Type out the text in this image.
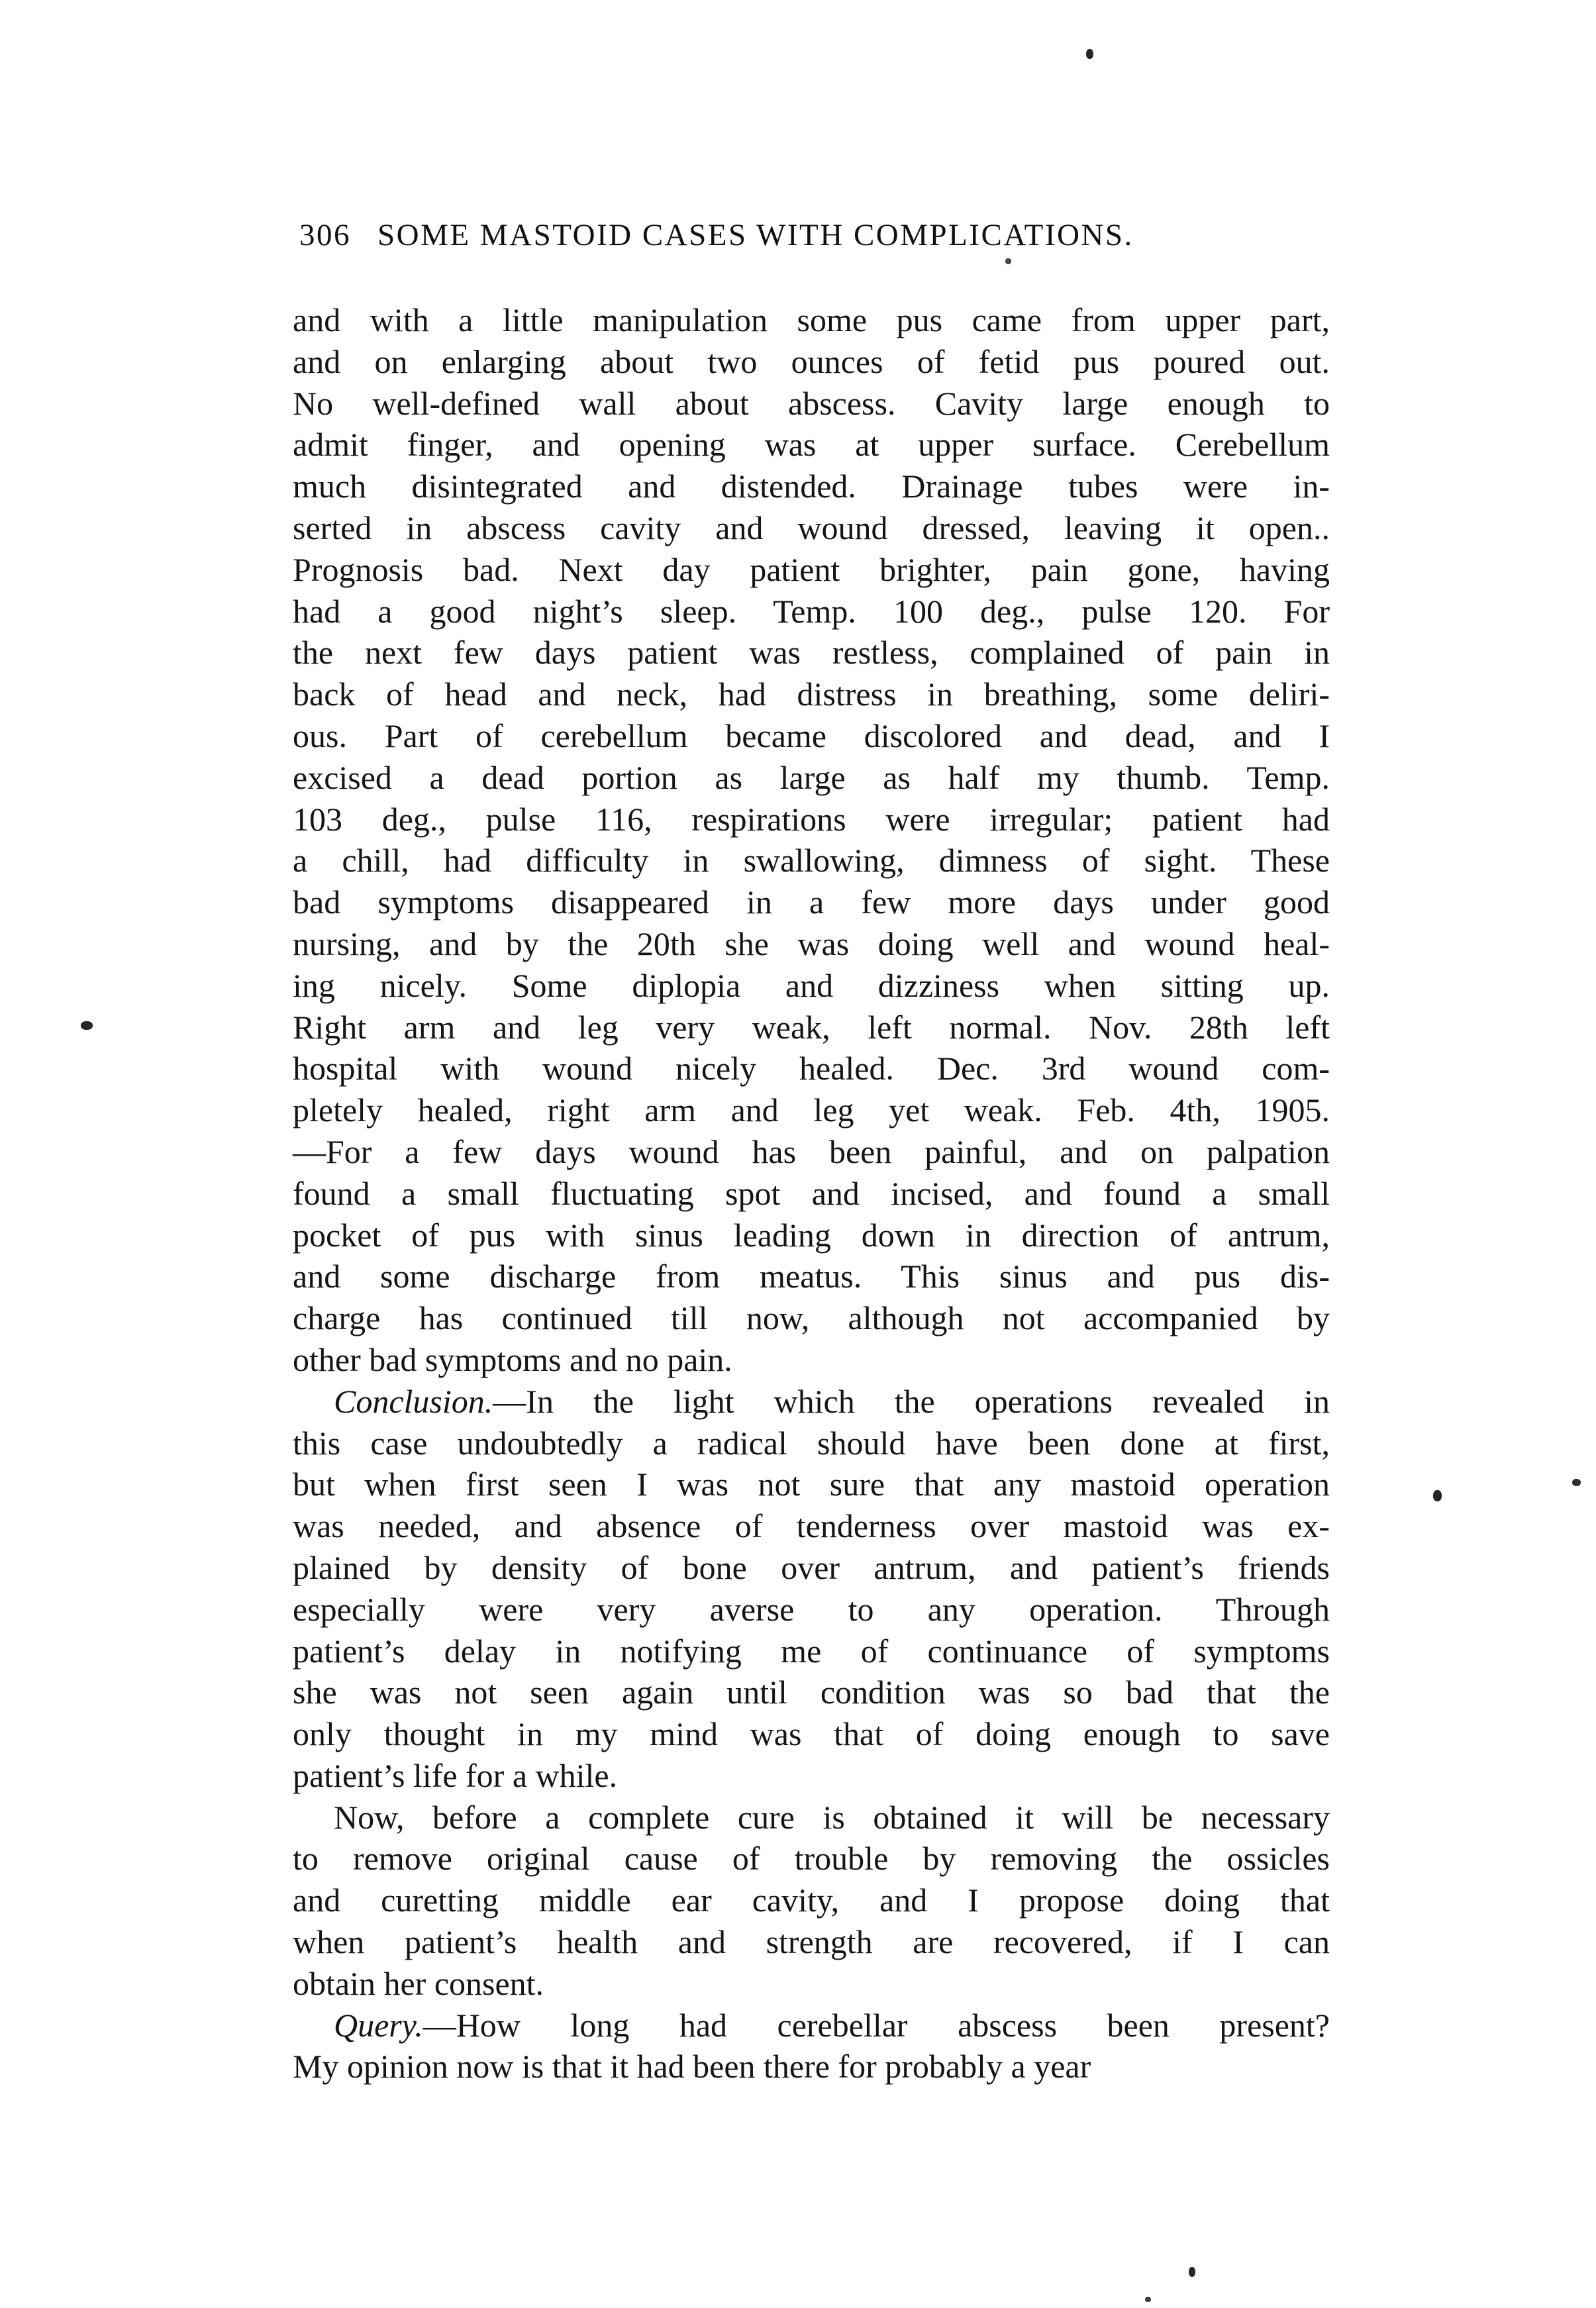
306 SOME MASTOID CASES WITH COMPLICATIONS.
and with a little manipulation some pus came from upper part,
and on enlarging about two ounces of fetid pus poured out.
No well-defined wall about abscess. Cavity large enough to
admit finger, and opening was at upper surface. Cerebellum
much disintegrated and distended. Drainage tubes were in-
serted in abscess cavity and wound dressed, leaving it open..
Prognosis bad. Next day patient brighter, pain gone, having
had a good night’s sleep. Temp. 100 deg., pulse 120. For
the next few days patient was restless, complained of pain in
back of head and neck, had distress in breathing, some deliri-
ous. Part of cerebellum became discolored and dead, and I
excised a dead portion as large as half my thumb. Temp.
103 deg., pulse 116, respirations were irregular; patient had
a chill, had difficulty in swallowing, dimness of sight. These
bad symptoms disappeared in a few more days under good
nursing, and by the 20th she was doing well and wound heal-
ing nicely. Some diplopia and dizziness when sitting up.
Right arm and leg very weak, left normal. Nov. 28th left
hospital with wound nicely healed. Dec. 3rd wound com-
pletely healed, right arm and leg yet weak. Feb. 4th, 1905.
—For a few days wound has been painful, and on palpation
found a small fluctuating spot and incised, and found a small
pocket of pus with sinus leading down in direction of antrum,
and some discharge from meatus. This sinus and pus dis-
charge has continued till now, although not accompanied by
other bad symptoms and no pain.
Conclusion.—In the light which the operations revealed in
this case undoubtedly a radical should have been done at first,
but when first seen I was not sure that any mastoid operation
was needed, and absence of tenderness over mastoid was ex-
plained by density of bone over antrum, and patient’s friends
especially were very averse to any operation. Through
patient’s delay in notifying me of continuance of symptoms
she was not seen again until condition was so bad that the
only thought in my mind was that of doing enough to save
patient’s life for a while.
Now, before a complete cure is obtained it will be necessary
to remove original cause of trouble by removing the ossicles
and curetting middle ear cavity, and I propose doing that
when patient’s health and strength are recovered, if I can
obtain her consent.
Query.—How long had cerebellar abscess been present?
My opinion now is that it had been there for probably a year
